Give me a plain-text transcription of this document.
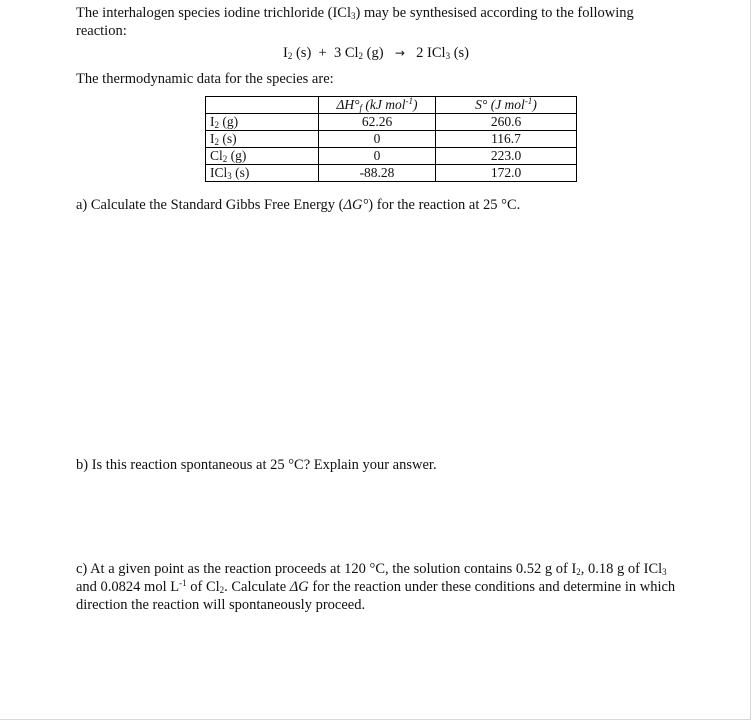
The interhalogen species iodine trichloride (ICl$_3$) may be synthesised according to the following
reaction:
$I_2$ (s) + 3 $Cl_2$ (g) → 2 ICl$_3$ (s)
The thermodynamic data for the species are:
	$\Delta H^\circ_f$ (kJ mol$^{-1}$)	S° (J mol$^{-1}$)
$I_2$ (g)	62.26	260.6
$I_2$ (s)	0	116.7
$Cl_2$ (g)	0	223.0
ICl$_3$ (s)	-88.28	172.0
a) Calculate the Standard Gibbs Free Energy (ΔG°) for the reaction at 25 °C.
b) Is this reaction spontaneous at 25 °C? Explain your answer.
c) At a given point as the reaction proceeds at 120 °C, the solution contains 0.52 g of $I_2$, 0.18 g of ICl$_3$ and 0.0824 mol $L^{-1}$ of $Cl_2$. Calculate ΔG for the reaction under these conditions and determine in which direction the reaction will spontaneously proceed.
